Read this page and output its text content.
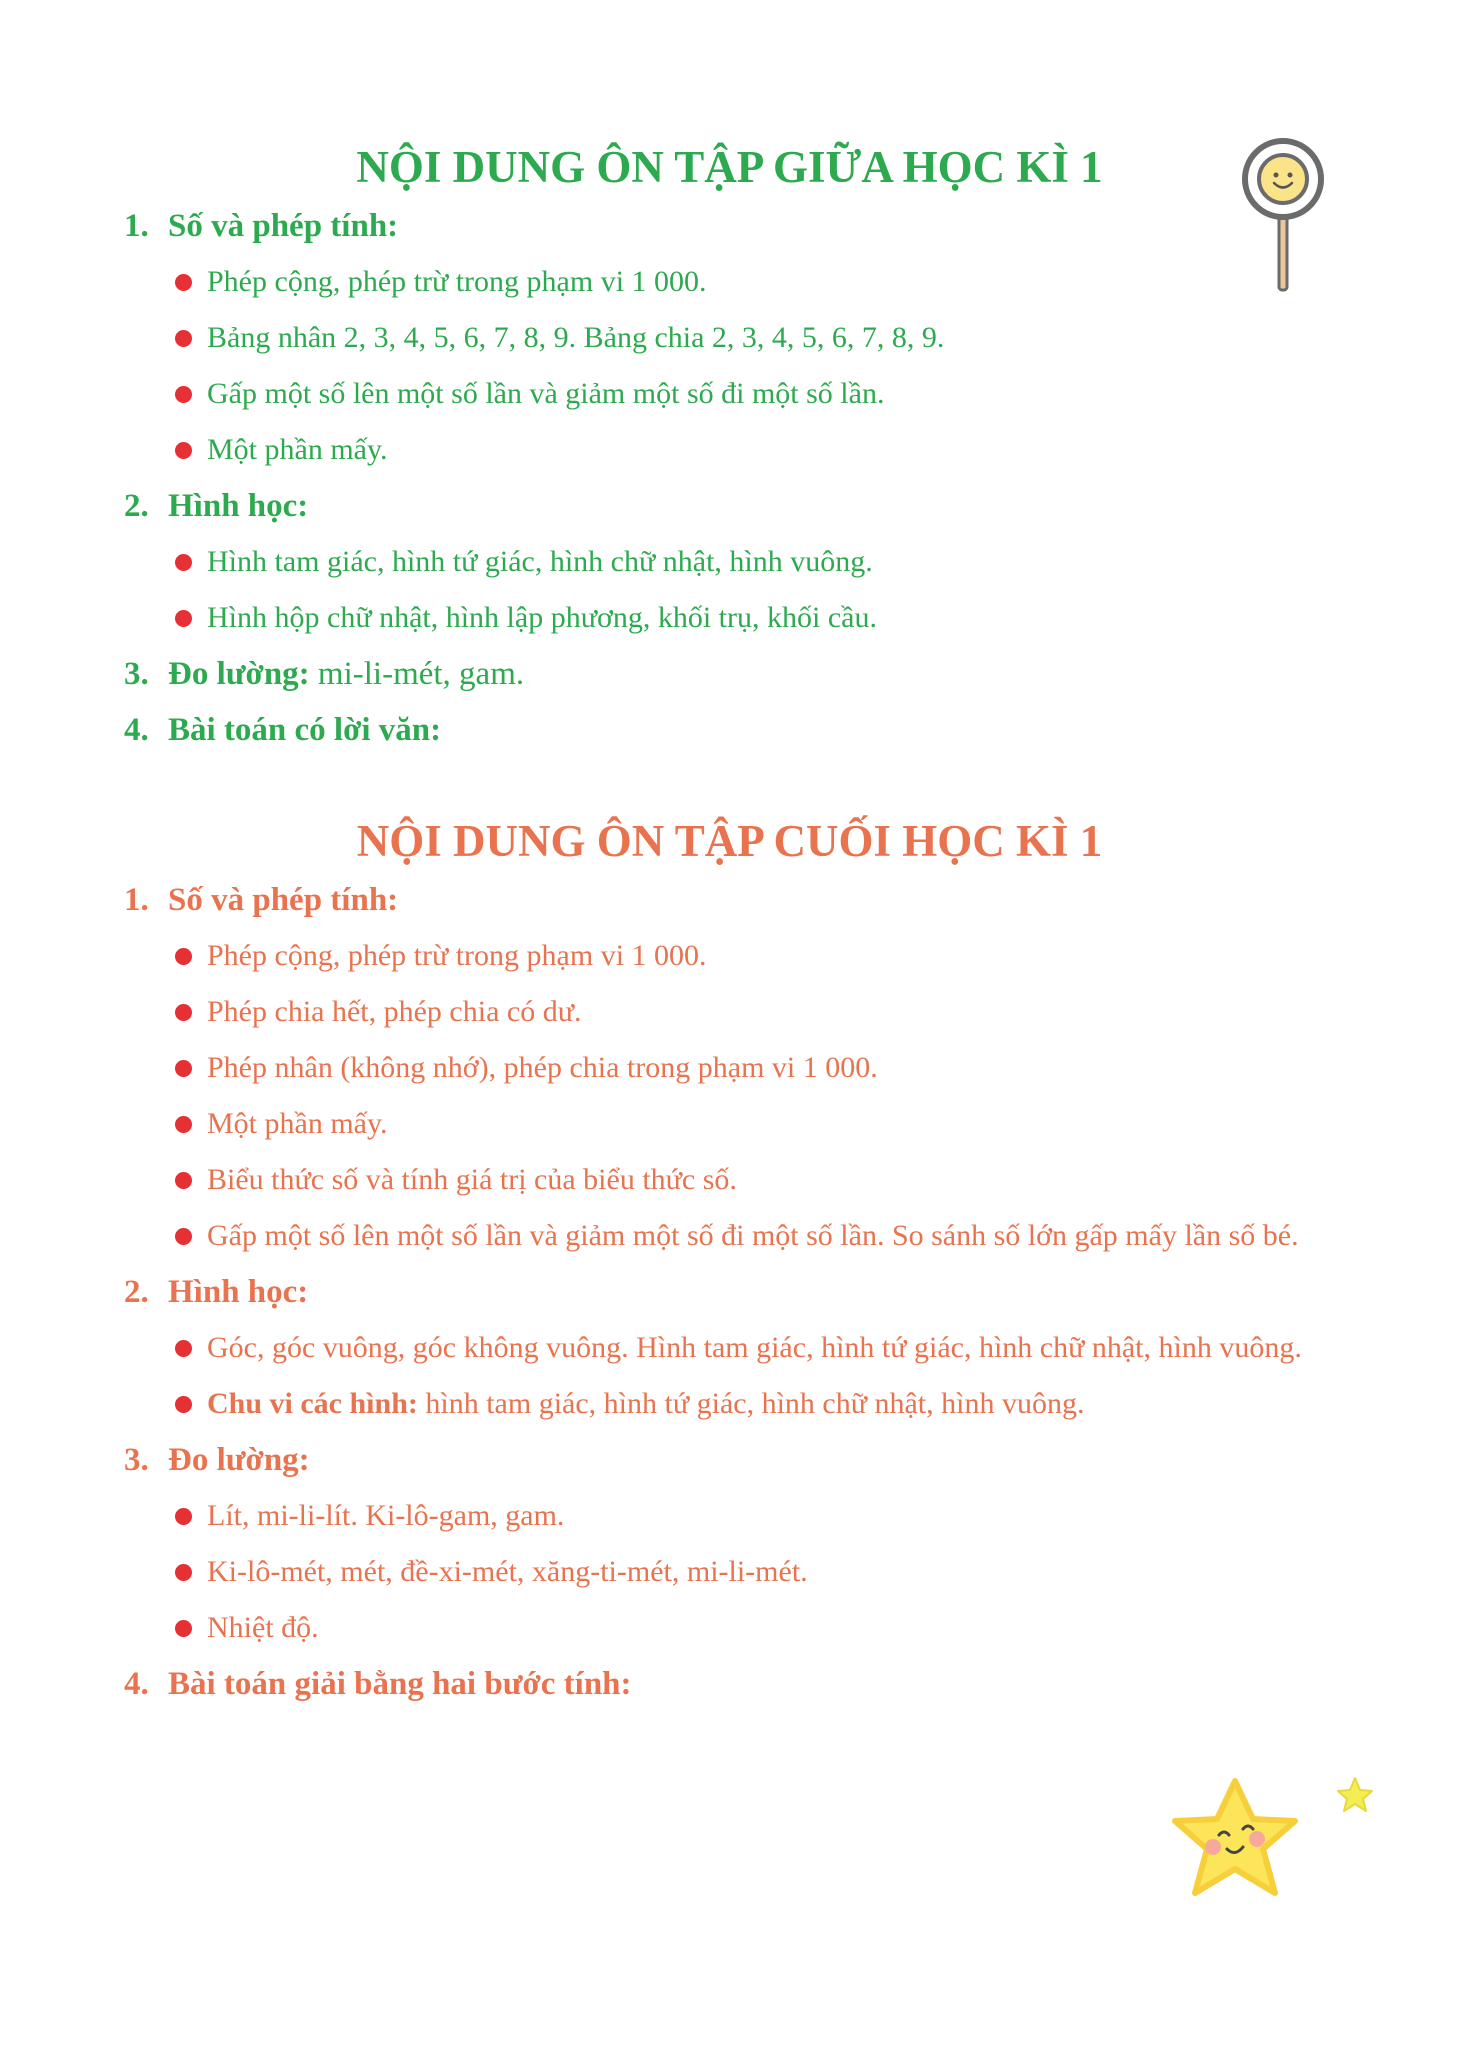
NỘI DUNG ÔN TẬP GIỮA HỌC KÌ 1
1. Số và phép tính:
Phép cộng, phép trừ trong phạm vi 1 000.
Bảng nhân 2, 3, 4, 5, 6, 7, 8, 9. Bảng chia 2, 3, 4, 5, 6, 7, 8, 9.
Gấp một số lên một số lần và giảm một số đi một số lần.
Một phần mấy.
2. Hình học:
Hình tam giác, hình tứ giác, hình chữ nhật, hình vuông.
Hình hộp chữ nhật, hình lập phương, khối trụ, khối cầu.
3. Đo lường: mi-li-mét, gam.
4. Bài toán có lời văn:
NỘI DUNG ÔN TẬP CUỐI HỌC KÌ 1
1. Số và phép tính:
Phép cộng, phép trừ trong phạm vi 1 000.
Phép chia hết, phép chia có dư.
Phép nhân (không nhớ), phép chia trong phạm vi 1 000.
Một phần mấy.
Biểu thức số và tính giá trị của biểu thức số.
Gấp một số lên một số lần và giảm một số đi một số lần. So sánh số lớn gấp mấy lần số bé.
2. Hình học:
Góc, góc vuông, góc không vuông. Hình tam giác, hình tứ giác, hình chữ nhật, hình vuông.
Chu vi các hình: hình tam giác, hình tứ giác, hình chữ nhật, hình vuông.
3. Đo lường:
Lít, mi-li-lít. Ki-lô-gam, gam.
Ki-lô-mét, mét, đề-xi-mét, xăng-ti-mét, mi-li-mét.
Nhiệt độ.
4. Bài toán giải bằng hai bước tính:
